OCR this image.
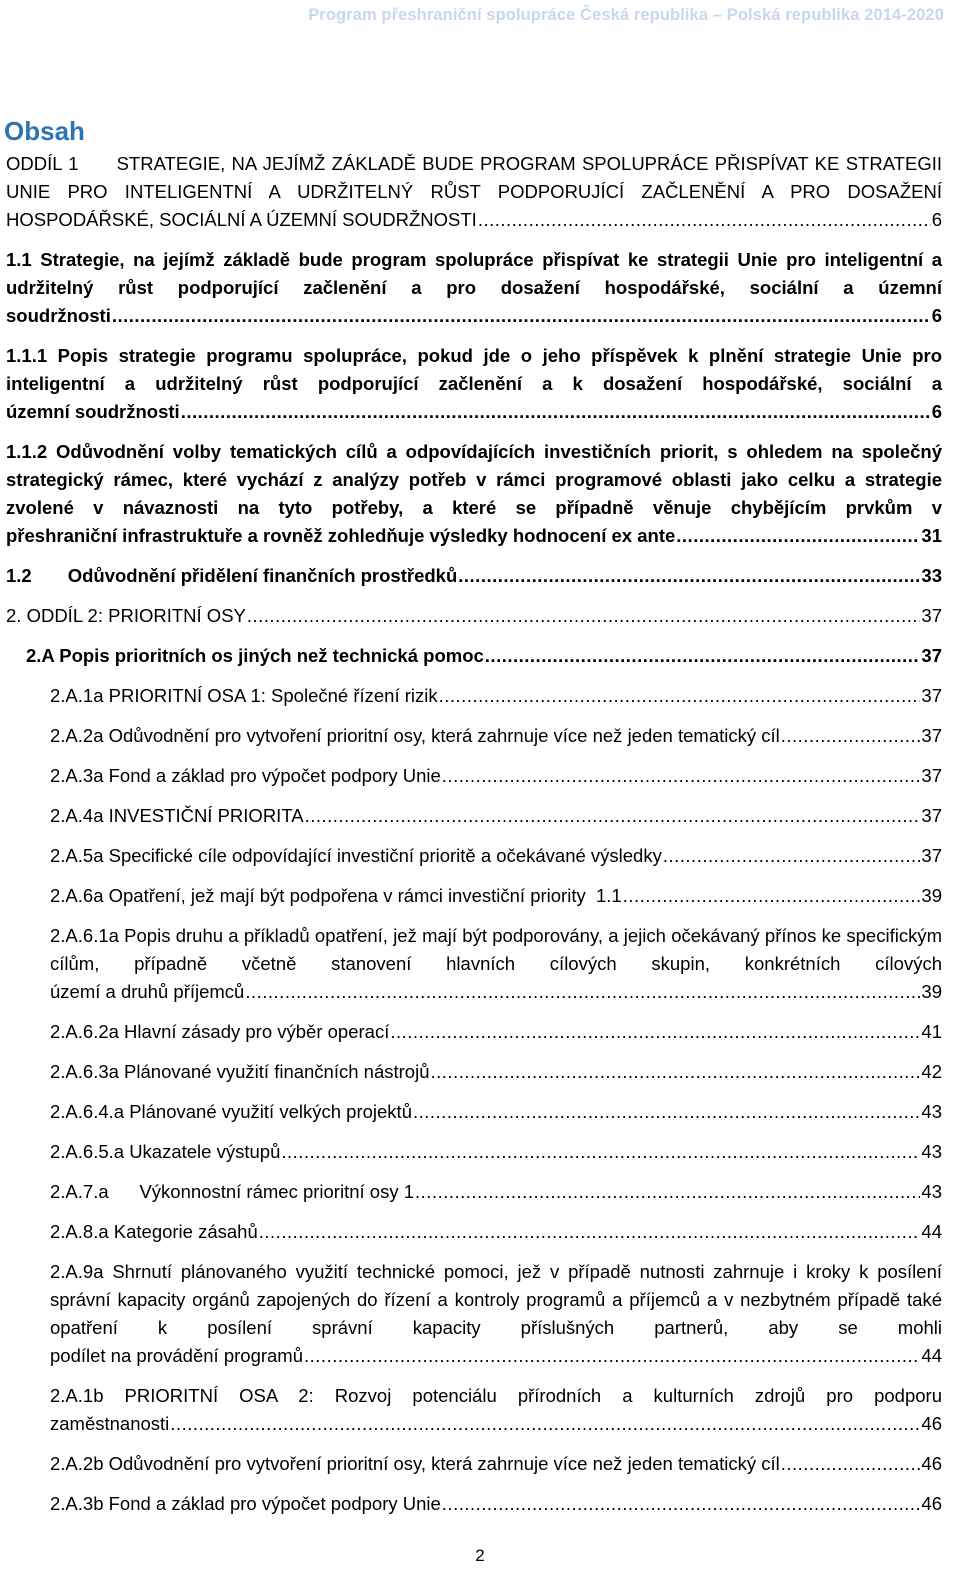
Program přeshraniční spolupráce Česká republika – Polská republika 2014-2020
Obsah
ODDÍL 1      STRATEGIE, NA JEJÍMŽ ZÁKLADĚ BUDE PROGRAM SPOLUPRÁCE PŘISPÍVAT KE STRATEGII UNIE PRO INTELIGENTNÍ A UDRŽITELNÝ RŮST PODPORUJÍCÍ ZAČLENĚNÍ A PRO DOSAŽENÍ
HOSPODÁŘSKÉ, SOCIÁLNÍ A ÚZEMNÍ SOUDRŽNOSTI .....	6
1.1 Strategie, na jejímž základě bude program spolupráce přispívat ke strategii Unie pro inteligentní a udržitelný růst podporující začlenění a pro dosažení hospodářské, sociální a územní
soudržnosti .....	6
1.1.1 Popis strategie programu spolupráce, pokud jde o jeho příspěvek k plnění strategie Unie pro inteligentní a udržitelný růst podporující začlenění a k dosažení hospodářské, sociální a
územní soudržnosti .....	6
1.1.2 Odůvodnění volby tematických cílů a odpovídajících investičních priorit, s ohledem na společný strategický rámec, které vychází z analýzy potřeb v rámci programové oblasti jako celku a strategie zvolené v návaznosti na tyto potřeby, a které se případně věnuje chybějícím prvkům v
přeshraniční infrastruktuře a rovněž zohledňuje výsledky hodnocení ex ante .....	31
1.2       Odůvodnění přidělení finančních prostředků .....	33
2. ODDÍL 2: PRIORITNÍ OSY .....	37
2.A Popis prioritních os jiných než technická pomoc .....	37
2.A.1a PRIORITNÍ OSA 1: Společné řízení rizik .....	37
2.A.2a Odůvodnění pro vytvoření prioritní osy, která zahrnuje více než jeden tematický cíl .....	37
2.A.3a Fond a základ pro výpočet podpory Unie .....	37
2.A.4a INVESTIČNÍ PRIORITA .....	37
2.A.5a Specifické cíle odpovídající investiční prioritě a očekávané výsledky .....	37
2.A.6a Opatření, jež mají být podpořena v rámci investiční priority  1.1 .....	39
2.A.6.1a Popis druhu a příkladů opatření, jež mají být podporovány, a jejich očekávaný přínos ke specifickým cílům, případně včetně stanovení hlavních cílových skupin, konkrétních cílových
území a druhů příjemců .....	39
2.A.6.2a Hlavní zásady pro výběr operací .....	41
2.A.6.3a Plánované využití finančních nástrojů .....	42
2.A.6.4.a Plánované využití velkých projektů .....	43
2.A.6.5.a Ukazatele výstupů .....	43
2.A.7.a      Výkonnostní rámec prioritní osy 1 .....	43
2.A.8.a Kategorie zásahů .....	44
2.A.9a Shrnutí plánovaného využití technické pomoci, jež v případě nutnosti zahrnuje i kroky k posílení správní kapacity orgánů zapojených do řízení a kontroly programů a příjemců a v nezbytném případě také opatření k posílení správní kapacity příslušných partnerů, aby se mohli
podílet na provádění programů .....	44
2.A.1b PRIORITNÍ OSA 2: Rozvoj potenciálu přírodních a kulturních zdrojů pro podporu
zaměstnanosti .....	46
2.A.2b Odůvodnění pro vytvoření prioritní osy, která zahrnuje více než jeden tematický cíl .....	46
2.A.3b Fond a základ pro výpočet podpory Unie .....	46
2
